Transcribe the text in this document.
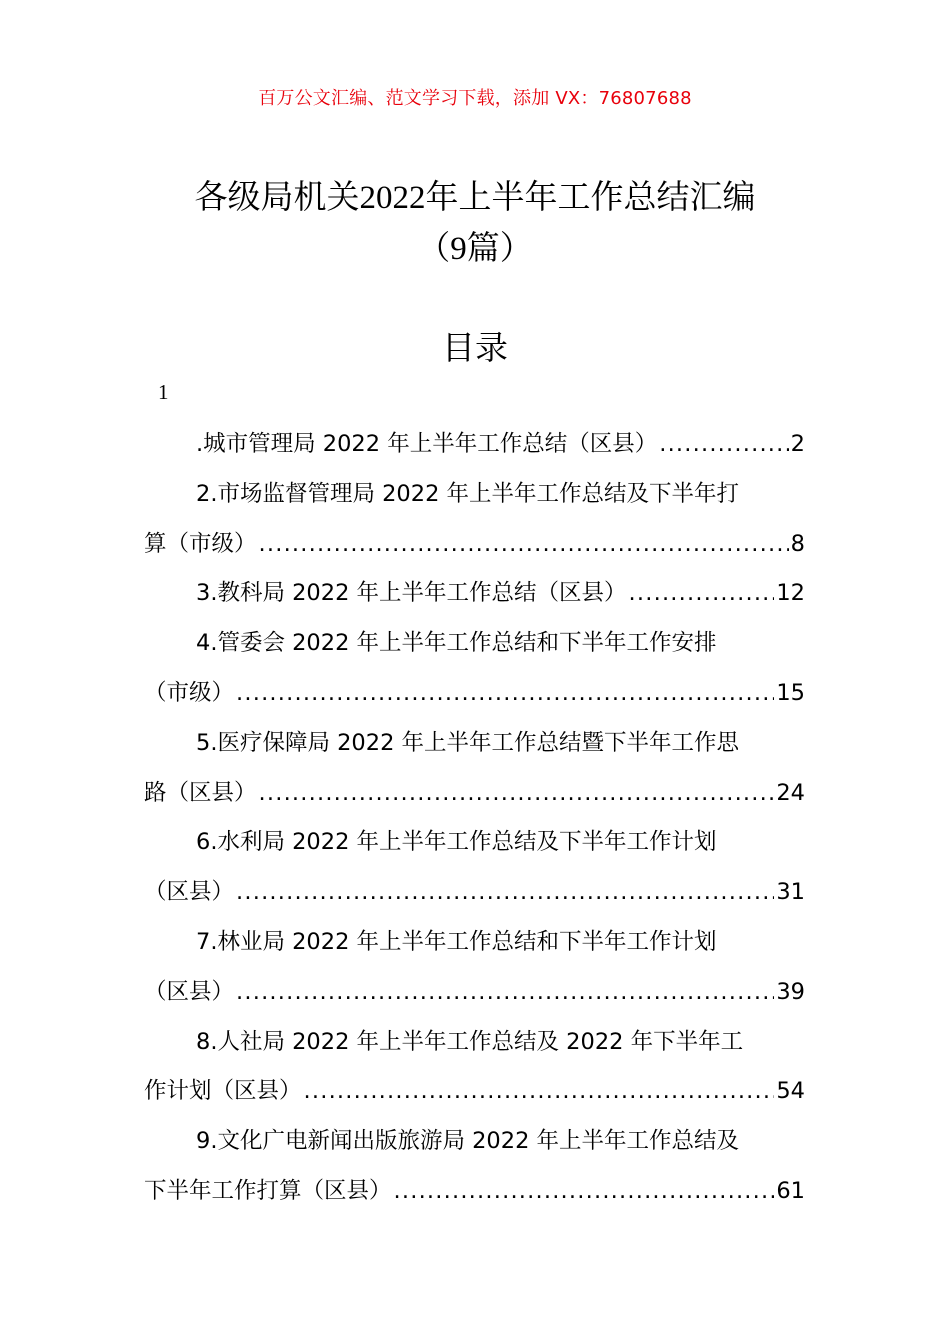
百万公文汇编、范文学习下载，添加 VX：76807688
各级局机关2022年上半年工作总结汇编
（9篇）
目录
1
.城市管理局 2022 年上半年工作总结（区县） .....	2
2.市场监督管理局 2022 年上半年工作总结及下半年打
算（市级） .....	8
3.教科局 2022 年上半年工作总结（区县） .....	12
4.管委会 2022 年上半年工作总结和下半年工作安排
（市级） .....	15
5.医疗保障局 2022 年上半年工作总结暨下半年工作思
路（区县） .....	24
6.水利局 2022 年上半年工作总结及下半年工作计划
（区县） .....	31
7.林业局 2022 年上半年工作总结和下半年工作计划
（区县） .....	39
8.人社局 2022 年上半年工作总结及 2022 年下半年工
作计划（区县） .....	54
9.文化广电新闻出版旅游局 2022 年上半年工作总结及
下半年工作打算（区县） .....	61
